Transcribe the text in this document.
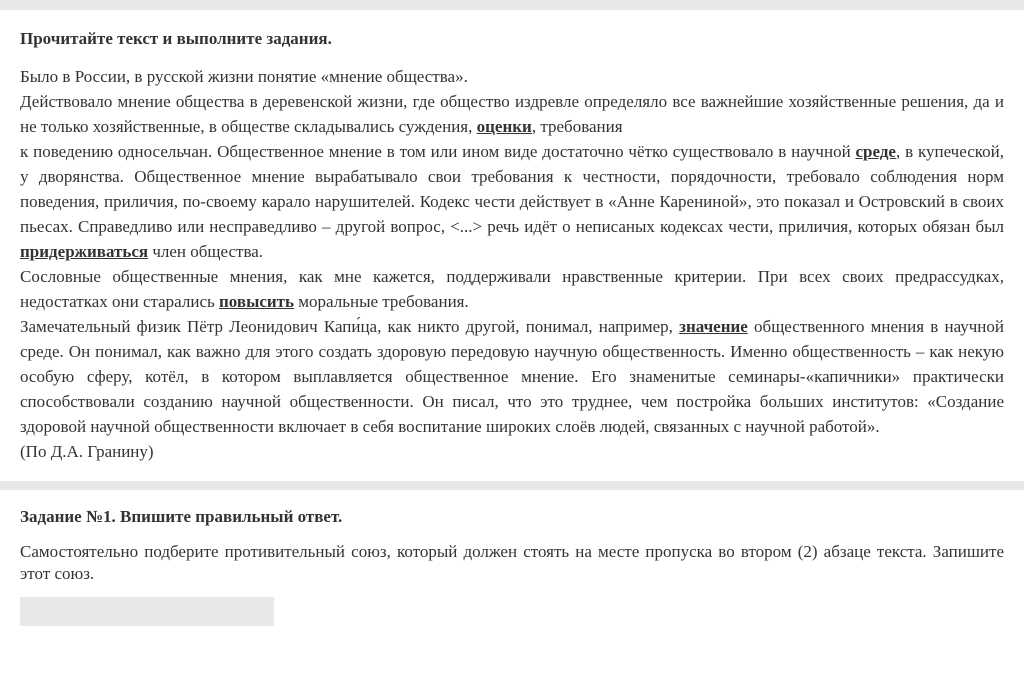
Прочитайте текст и выполните задания.

Было в России, в русской жизни понятие «мнение общества».

Действовало мнение общества в деревенской жизни, где общество издревле определяло все важнейшие хозяйственные решения, да и не только хозяйственные, в обществе складывались суждения, оценки, требования
к поведению односельчан. Общественное мнение в том или ином виде достаточно чётко существовало в научной среде, в купеческой, у дворянства. Общественное мнение вырабатывало свои требования к честности, порядочности, требовало соблюдения норм поведения, приличия, по-своему карало нарушителей. Кодекс чести действует в «Анне Карениной», это показал и Островский в своих пьесах. Справедливо или несправедливо – другой вопрос, <...> речь идёт о неписаных кодексах чести, приличия, которых обязан был придерживаться член общества.

Сословные общественные мнения, как мне кажется, поддерживали нравственные критерии. При всех своих предрассудках, недостатках они старались повысить моральные требования.

Замечательный физик Пётр Леонидович Капи́ца, как никто другой, понимал, например, значение общественного мнения в научной среде. Он понимал, как важно для этого создать здоровую передовую научную общественность. Именно общественность – как некую особую сферу, котёл, в котором выплавляется общественное мнение. Его знаменитые семинары-«капичники» практически способствовали созданию научной общественности. Он писал, что это труднее, чем постройка больших институтов: «Создание здоровой научной общественности включает в себя воспитание широких слоёв людей, связанных с научной работой».

(По Д.А. Гранину)

Задание №1. Впишите правильный ответ.

Самостоятельно подберите противительный союз, который должен стоять на месте пропуска во втором (2) абзаце текста. Запишите этот союз.
